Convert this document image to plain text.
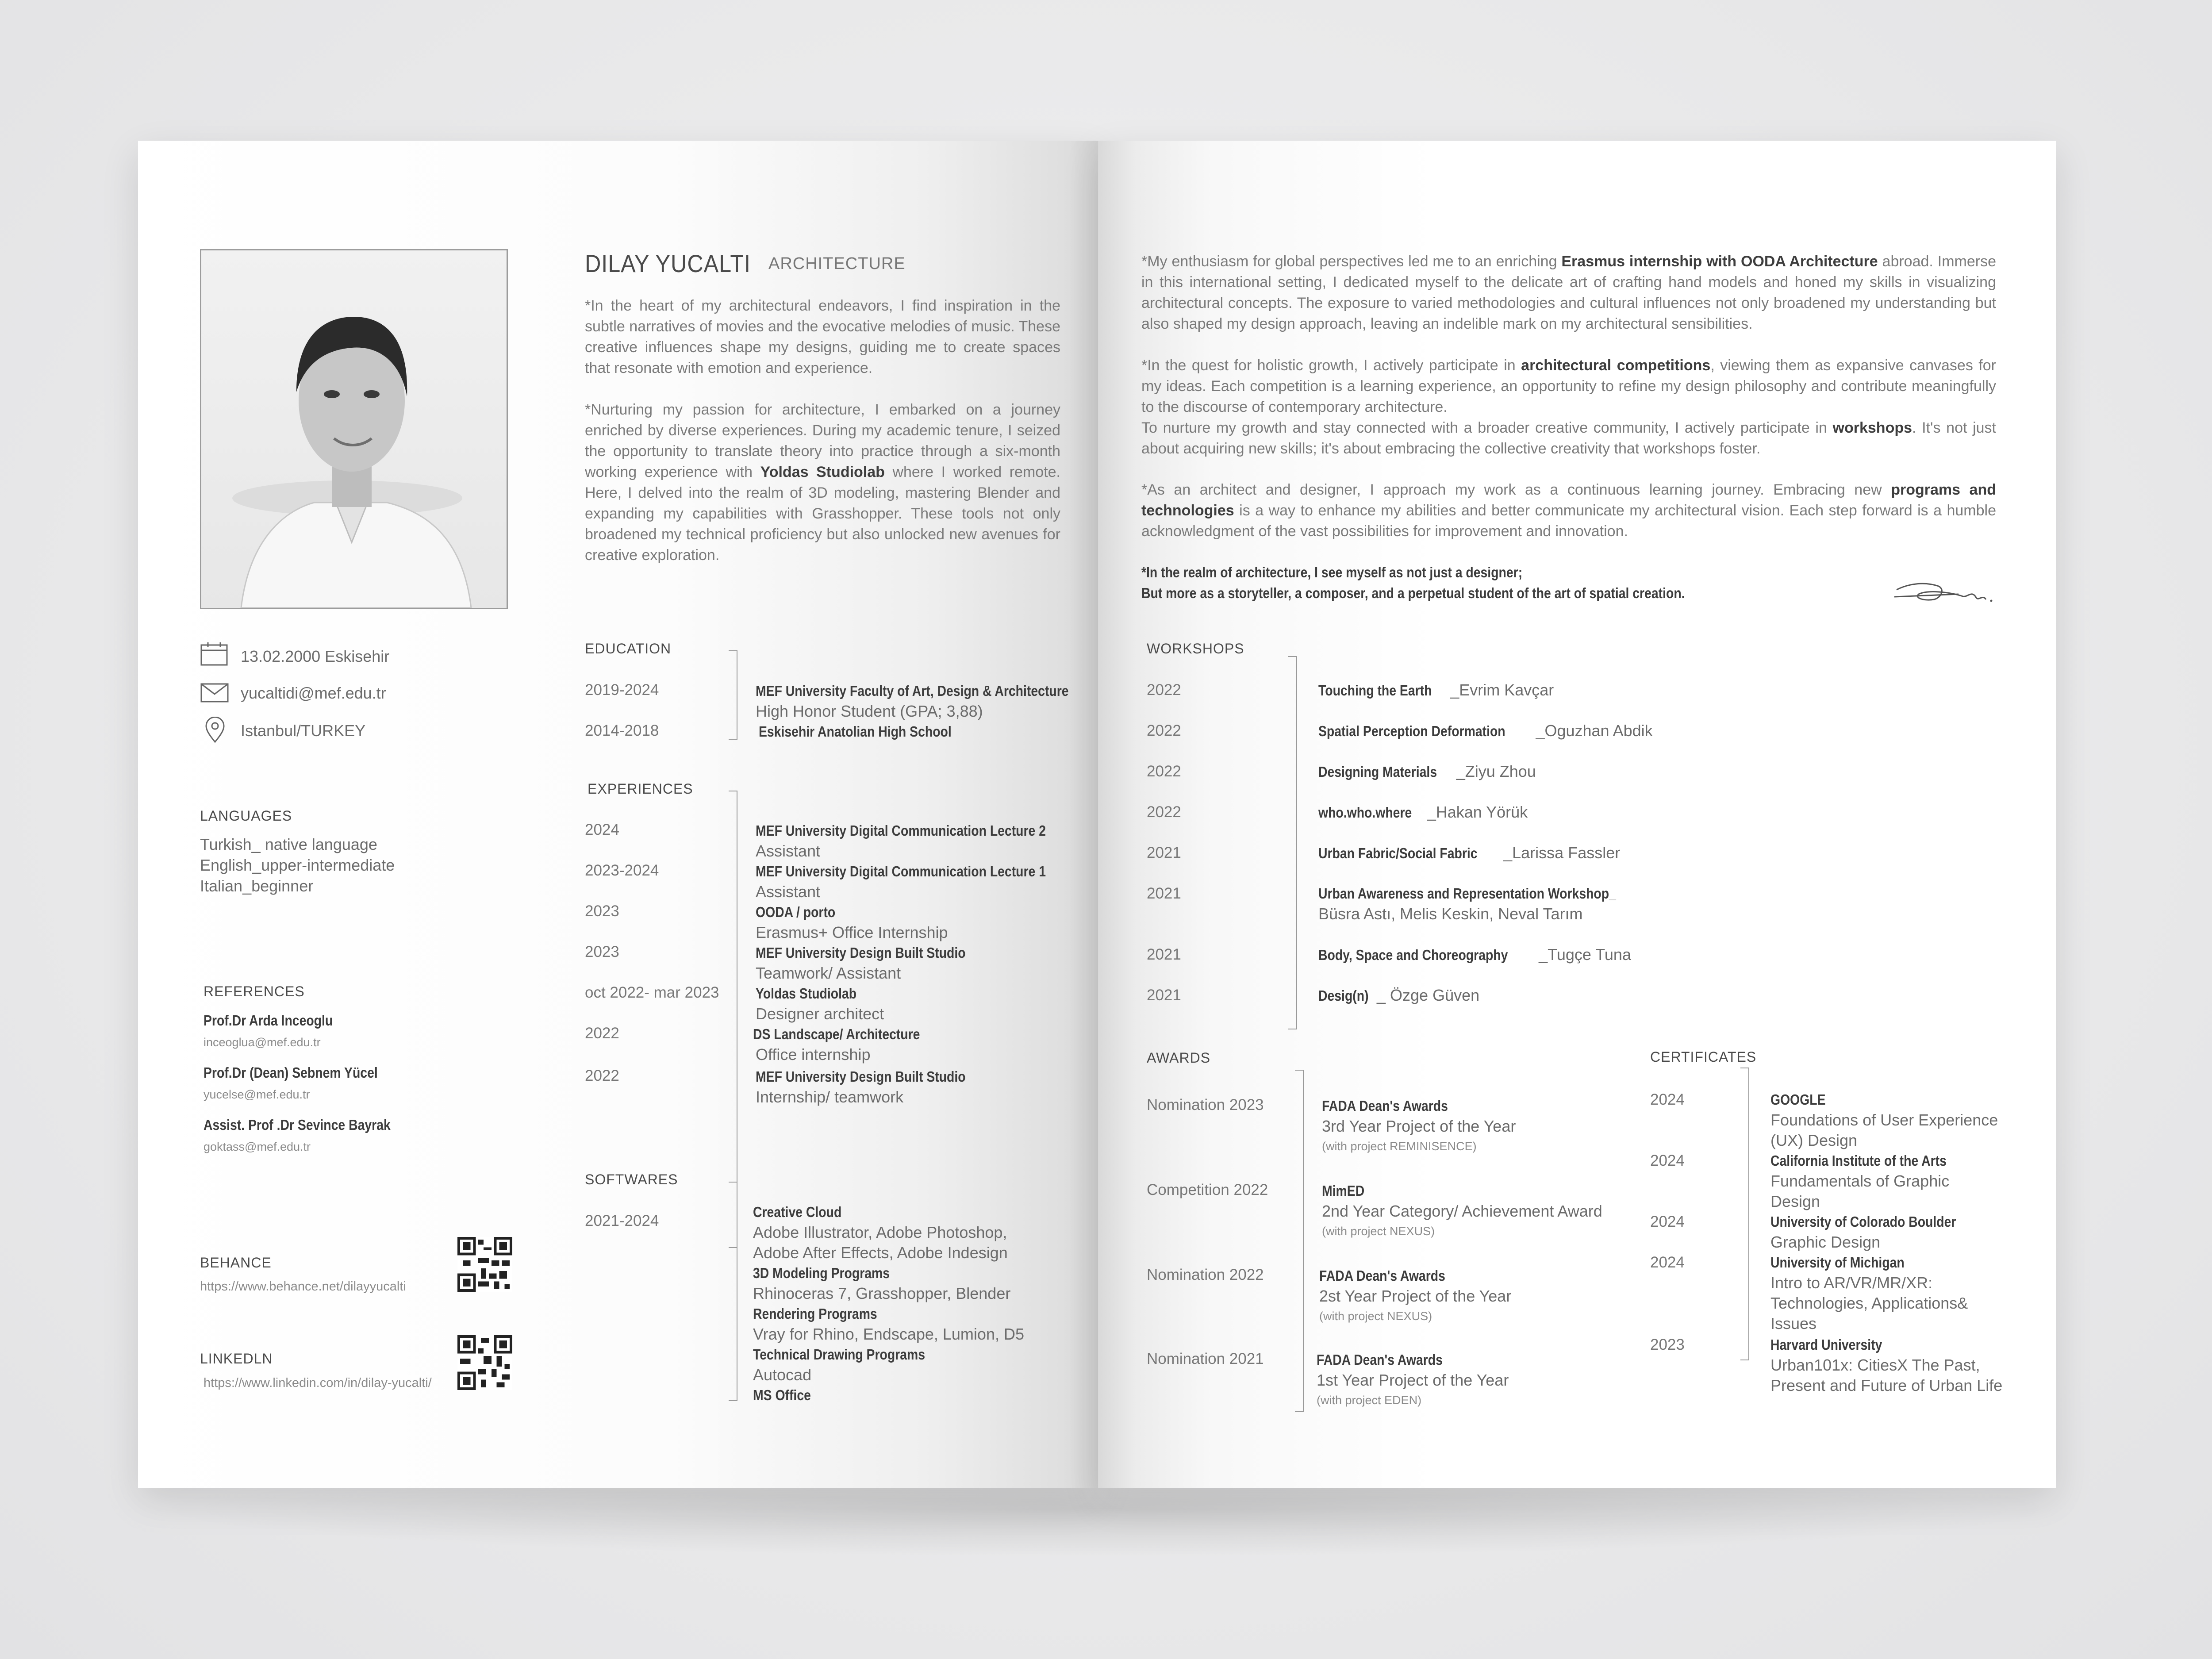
DILAY YUCALTI ARCHITECTURE
*In the heart of my architectural endeavors, I find inspiration in the subtle narratives of movies and the evocative melodies of music. These creative influences shape my designs, guiding me to create spaces that resonate with emotion and experience.
*Nurturing my passion for architecture, I embarked on a journey enriched by diverse experiences. During my academic tenure, I seized the opportunity to translate theory into practice through a six-month working experience with Yoldas Studiolab where I worked remote. Here, I delved into the realm of 3D modeling, mastering Blender and expanding my capabilities with Grasshopper. These tools not only broadened my technical proficiency but also unlocked new avenues for creative exploration.
13.02.2000 Eskisehir
yucaltidi@mef.edu.tr
Istanbul/TURKEY
LANGUAGES
Turkish_ native language
English_upper-intermediate
Italian_beginner
REFERENCES
Prof.Dr Arda Inceoglu
inceoglua@mef.edu.tr
Prof.Dr (Dean) Sebnem Yücel
yucelse@mef.edu.tr
Assist. Prof .Dr Sevince Bayrak
goktass@mef.edu.tr
BEHANCE
https://www.behance.net/dilayyucalti
LINKEDLN
https://www.linkedin.com/in/dilay-yucalti/
EDUCATION
2019-2024	MEF University Faculty of Art, Design & Architecture
High Honor Student (GPA; 3,88)
2014-2018	Eskisehir Anatolian High School
EXPERIENCES
2024	MEF University Digital Communication Lecture 2
Assistant
2023-2024	MEF University Digital Communication Lecture 1
Assistant
2023	OODA / porto
Erasmus+ Office Internship
2023	MEF University Design Built Studio
Teamwork/ Assistant
oct 2022- mar 2023 Yoldas Studiolab
Designer architect
2022	DS Landscape/ Architecture
Office internship
2022	MEF University Design Built Studio
Internship/ teamwork
SOFTWARES
2021-2024
Creative Cloud
Adobe Illustrator, Adobe Photoshop,
Adobe After Effects, Adobe Indesign
3D Modeling Programs
Rhinoceras 7, Grasshopper, Blender
Rendering Programs
Vray for Rhino, Endscape, Lumion, D5
Technical Drawing Programs
Autocad
MS Office
*My enthusiasm for global perspectives led me to an enriching Erasmus internship with OODA Architecture abroad. Immerse in this international setting, I dedicated myself to the delicate art of crafting hand models and honed my skills in visualizing architectural concepts. The exposure to varied methodologies and cultural influences not only broadened my understanding but also shaped my design approach, leaving an indelible mark on my architectural sensibilities.
*In the quest for holistic growth, I actively participate in architectural competitions, viewing them as expansive canvases for my ideas. Each competition is a learning experience, an opportunity to refine my design philosophy and contribute meaningfully to the discourse of contemporary architecture.
To nurture my growth and stay connected with a broader creative community, I actively participate in workshops. It's not just about acquiring new skills; it's about embracing the collective creativity that workshops foster.
*As an architect and designer, I approach my work as a continuous learning journey. Embracing new programs and technologies is a way to enhance my abilities and better communicate my architectural vision. Each step forward is a humble acknowledgment of the vast possibilities for improvement and innovation.
*In the realm of architecture, I see myself as not just a designer;
But more as a storyteller, a composer, and a perpetual student of the art of spatial creation.
WORKSHOPS
2022	Touching the Earth _Evrim Kavçar
2022	Spatial Perception Deformation _Oguzhan Abdik
2022	Designing Materials _Ziyu Zhou
2022	who.who.where _Hakan Yörük
2021	Urban Fabric/Social Fabric _Larissa Fassler
2021	Urban Awareness and Representation Workshop_
Büsra Astı, Melis Keskin, Neval Tarım
2021	Body, Space and Choreography _Tugçe Tuna
2021	Desig(n) _ Özge Güven
AWARDS
Nomination 2023	FADA Dean's Awards
3rd Year Project of the Year
(with project REMINISENCE)
Competition 2022	MimED
2nd Year Category/ Achievement Award
(with project NEXUS)
Nomination 2022	FADA Dean's Awards
2st Year Project of the Year
(with project NEXUS)
Nomination 2021	FADA Dean's Awards
1st Year Project of the Year
(with project EDEN)
CERTIFICATES
2024	GOOGLE
Foundations of User Experience
(UX) Design
2024	California Institute of the Arts
Fundamentals of Graphic
Design
2024	University of Colorado Boulder
Graphic Design
2024	University of Michigan
Intro to AR/VR/MR/XR:
Technologies, Applications&
Issues
2023	Harvard University
Urban101x: CitiesX The Past,
Present and Future of Urban Life
